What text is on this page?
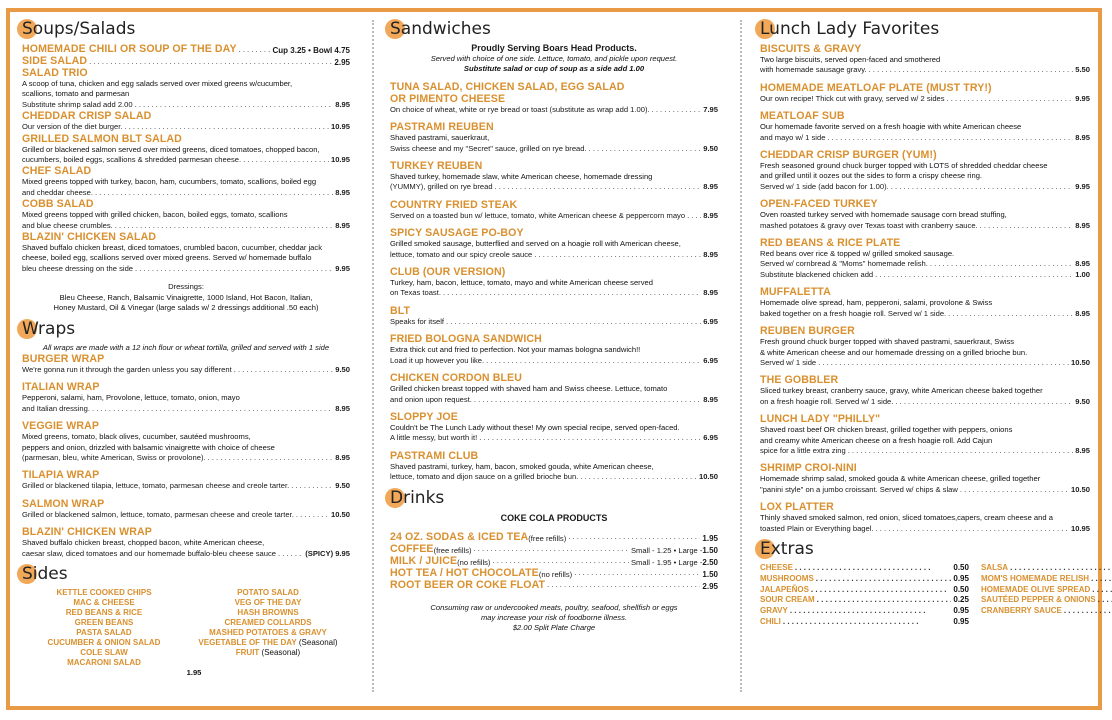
Soups/Salads
HOMEMADE CHILI OR SOUP OF THE DAY . . .	Cup 3.25 • Bowl 4.75
SIDE SALAD . . .	2.95
SALAD TRIO
A scoop of tuna, chicken and egg salads served over mixed greens w/cucumber,
scallions, tomato and parmesan
Substitute shrimp salad add 2.00 . . .	8.95
CHEDDAR CRISP SALAD
Our version of the diet burger. . . .	10.95
GRILLED SALMON BLT SALAD
Grilled or blackened salmon served over mixed greens, diced tomatoes, chopped bacon,
cucumbers, boiled eggs, scallions & shredded parmesan cheese. . . .	10.95
CHEF SALAD
Mixed greens topped with turkey, bacon, ham, cucumbers, tomato, scallions, boiled egg
and cheddar cheese. . . .	8.95
COBB SALAD
Mixed greens topped with grilled chicken, bacon, boiled eggs, tomato, scallions
and blue cheese crumbles. . . .	8.95
BLAZIN' CHICKEN SALAD
Shaved buffalo chicken breast, diced tomatoes, crumbled bacon, cucumber, cheddar jack
cheese, boiled egg, scallions served over mixed greens. Served w/ homemade buffalo
bleu cheese dressing on the side . . .	9.95
Dressings:
Bleu Cheese, Ranch, Balsamic Vinaigrette, 1000 Island, Hot Bacon, Italian,
Honey Mustard, Oil & Vinegar (large salads w/ 2 dressings additional .50 each)
Wraps
All wraps are made with a 12 inch flour or wheat tortilla, grilled and served with 1 side
BURGER WRAP
We're gonna run it through the garden unless you say different . . .	9.50
ITALIAN WRAP
Pepperoni, salami, ham, Provolone, lettuce, tomato, onion, mayo
and Italian dressing. . . .	8.95
VEGGIE WRAP
Mixed greens, tomato, black olives, cucumber, sautéed mushrooms,
peppers and onion, drizzled with balsamic vinaigrette with choice of cheese
(parmesan, bleu, white American, Swiss or provolone). . . .	8.95
TILAPIA WRAP
Grilled or blackened tilapia, lettuce, tomato, parmesan cheese and creole tarter. . . .	9.50
SALMON WRAP
Grilled or blackened salmon, lettuce, tomato, parmesan cheese and creole tarter. . . .	10.50
BLAZIN' CHICKEN WRAP
Shaved buffalo chicken breast, chopped bacon, white American cheese,
caesar slaw, diced tomatoes and our homemade buffalo-bleu cheese sauce . . .	(SPICY) 9.95
Sides
KETTLE COOKED CHIPS
MAC & CHEESE
RED BEANS & RICE
GREEN BEANS
PASTA SALAD
CUCUMBER & ONION SALAD
COLE SLAW
MACARONI SALAD
POTATO SALAD
VEG OF THE DAY
HASH BROWNS
CREAMED COLLARDS
MASHED POTATOES & GRAVY
VEGETABLE OF THE DAY (Seasonal)
FRUIT (Seasonal)
1.95
Sandwiches
Proudly Serving Boars Head Products.
Served with choice of one side. Lettuce, tomato, and pickle upon request.
Substitute salad or cup of soup as a side add 1.00
TUNA SALAD, CHICKEN SALAD, EGG SALAD
OR PIMENTO CHEESE
On choice of wheat, white or rye bread or toast (substitute as wrap add 1.00). . . .	7.95
PASTRAMI REUBEN
Shaved pastrami, sauerkraut,
Swiss cheese and my "Secret" sauce, grilled on rye bread. . . .	9.50
TURKEY REUBEN
Shaved turkey, homemade slaw, white American cheese, homemade dressing
(YUMMY), grilled on rye bread . . .	8.95
COUNTRY FRIED STEAK
Served on a toasted bun w/ lettuce, tomato, white American cheese & peppercorn mayo . . . 8.95
SPICY SAUSAGE PO-BOY
Grilled smoked sausage, butterflied and served on a hoagie roll with American cheese,
lettuce, tomato and our spicy creole sauce . . .	8.95
CLUB (OUR VERSION)
Turkey, ham, bacon, lettuce, tomato, mayo and white American cheese served
on Texas toast. . . .	8.95
BLT
Speaks for itself . . .	6.95
FRIED BOLOGNA SANDWICH
Extra thick cut and fried to perfection. Not your mamas bologna sandwich!!
Load it up however you like. . . .	6.95
CHICKEN CORDON BLEU
Grilled chicken breast topped with shaved ham and Swiss cheese. Lettuce, tomato
and onion upon request. . . .	8.95
SLOPPY JOE
Couldn't be The Lunch Lady without these! My own special recipe, served open-faced.
A little messy, but worth it! . . .	6.95
PASTRAMI CLUB
Shaved pastrami, turkey, ham, bacon, smoked gouda, white American cheese,
lettuce, tomato and dijon sauce on a grilled brioche bun. . . .	10.50
Drinks
COKE COLA PRODUCTS
24 OZ. SODAS & ICED TEA (free refills) . . .	1.95
COFFEE (free refills) . . .	Small - 1.25 • Large - 1.50
MILK / JUICE (no refills) . . .	Small - 1.95 • Large - 2.50
HOT TEA / HOT CHOCOLATE (no refills) . . .	1.50
ROOT BEER OR COKE FLOAT . . .	2.95
Consuming raw or undercooked meats, poultry, seafood, shellfish or eggs
may increase your risk of foodborne illness.
$2.00 Split Plate Charge
Lunch Lady Favorites
BISCUITS & GRAVY
Two large biscuits, served open-faced and smothered
with homemade sausage gravy. . . .	5.50
HOMEMADE MEATLOAF PLATE (MUST TRY!)
Our own recipe! Thick cut with gravy, served w/ 2 sides . . .	9.95
MEATLOAF SUB
Our homemade favorite served on a fresh hoagie with white American cheese
and mayo w/ 1 side . . .	8.95
CHEDDAR CRISP BURGER (YUM!)
Fresh seasoned ground chuck burger topped with LOTS of shredded cheddar cheese
and grilled until it oozes out the sides to form a crispy cheese ring.
Served w/ 1 side (add bacon for 1.00). . . .	9.95
OPEN-FACED TURKEY
Oven roasted turkey served with homemade sausage corn bread stuffing,
mashed potatoes & gravy over Texas toast with cranberry sauce. . . .	8.95
RED BEANS & RICE PLATE
Red beans over rice & topped w/ grilled smoked sausage.
Served w/ cornbread & "Moms" homemade relish. . . .	8.95
Substitute blackened chicken add . . .	1.00
MUFFALETTA
Homemade olive spread, ham, pepperoni, salami, provolone & Swiss
baked together on a fresh hoagie roll. Served w/ 1 side. . . .	8.95
REUBEN BURGER
Fresh ground chuck burger topped with shaved pastrami, sauerkraut, Swiss
& white American cheese and our homemade dressing on a grilled brioche bun.
Served w/ 1 side . . .	10.50
THE GOBBLER
Sliced turkey breast, cranberry sauce, gravy, white American cheese baked together
on a fresh hoagie roll. Served w/ 1 side. . . .	9.50
LUNCH LADY "PHILLY"
Shaved roast beef OR chicken breast, grilled together with peppers, onions
and creamy white American cheese on a fresh hoagie roll. Add Cajun
spice for a little extra zing . . .	8.95
SHRIMP CROI-NINI
Homemade shrimp salad, smoked gouda & white American cheese, grilled together
"panini style" on a jumbo croissant. Served w/ chips & slaw . . .	10.50
LOX PLATTER
Thinly shaved smoked salmon, red onion, sliced tomatoes,capers, cream cheese and a
toasted Plain or Everything bagel. . . .	10.95
Extras
CHEESE . . .	0.50
MUSHROOMS . . .	0.95
JALAPEÑOS . . .	0.50
SOUR CREAM . . .	0.25
GRAVY . . .	0.95
CHILI . . .	0.95
SALSA
. . .
MOM'S HOMEMADE RELISH
. . .
HOMEMADE OLIVE SPREAD
. . .
SAUTÉED PEPPER & ONIONS
. . .
CRANBERRY SAUCE
. . .
